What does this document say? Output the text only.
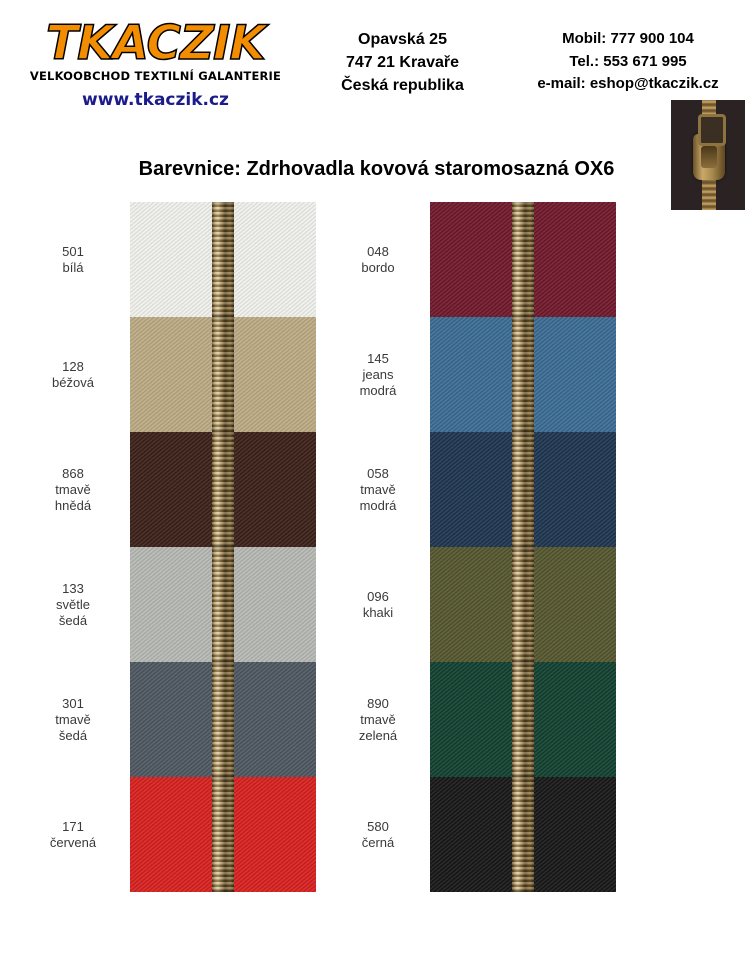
TKACZIK
VELKOOBCHOD TEXTILNÍ GALANTERIE
www.tkaczik.cz
Opavská 25
747 21 Kravaře
Česká republika
Mobil: 777 900 104
Tel.: 553 671 995
e-mail: eshop@tkaczik.cz
Barevnice: Zdrhovadla kovová staromosazná OX6
501
bílá
128
béžová
868
tmavě
hnědá
133
světle
šedá
301
tmavě
šedá
171
červená
048
bordo
145
jeans
modrá
058
tmavě
modrá
096
khaki
890
tmavě
zelená
580
černá
